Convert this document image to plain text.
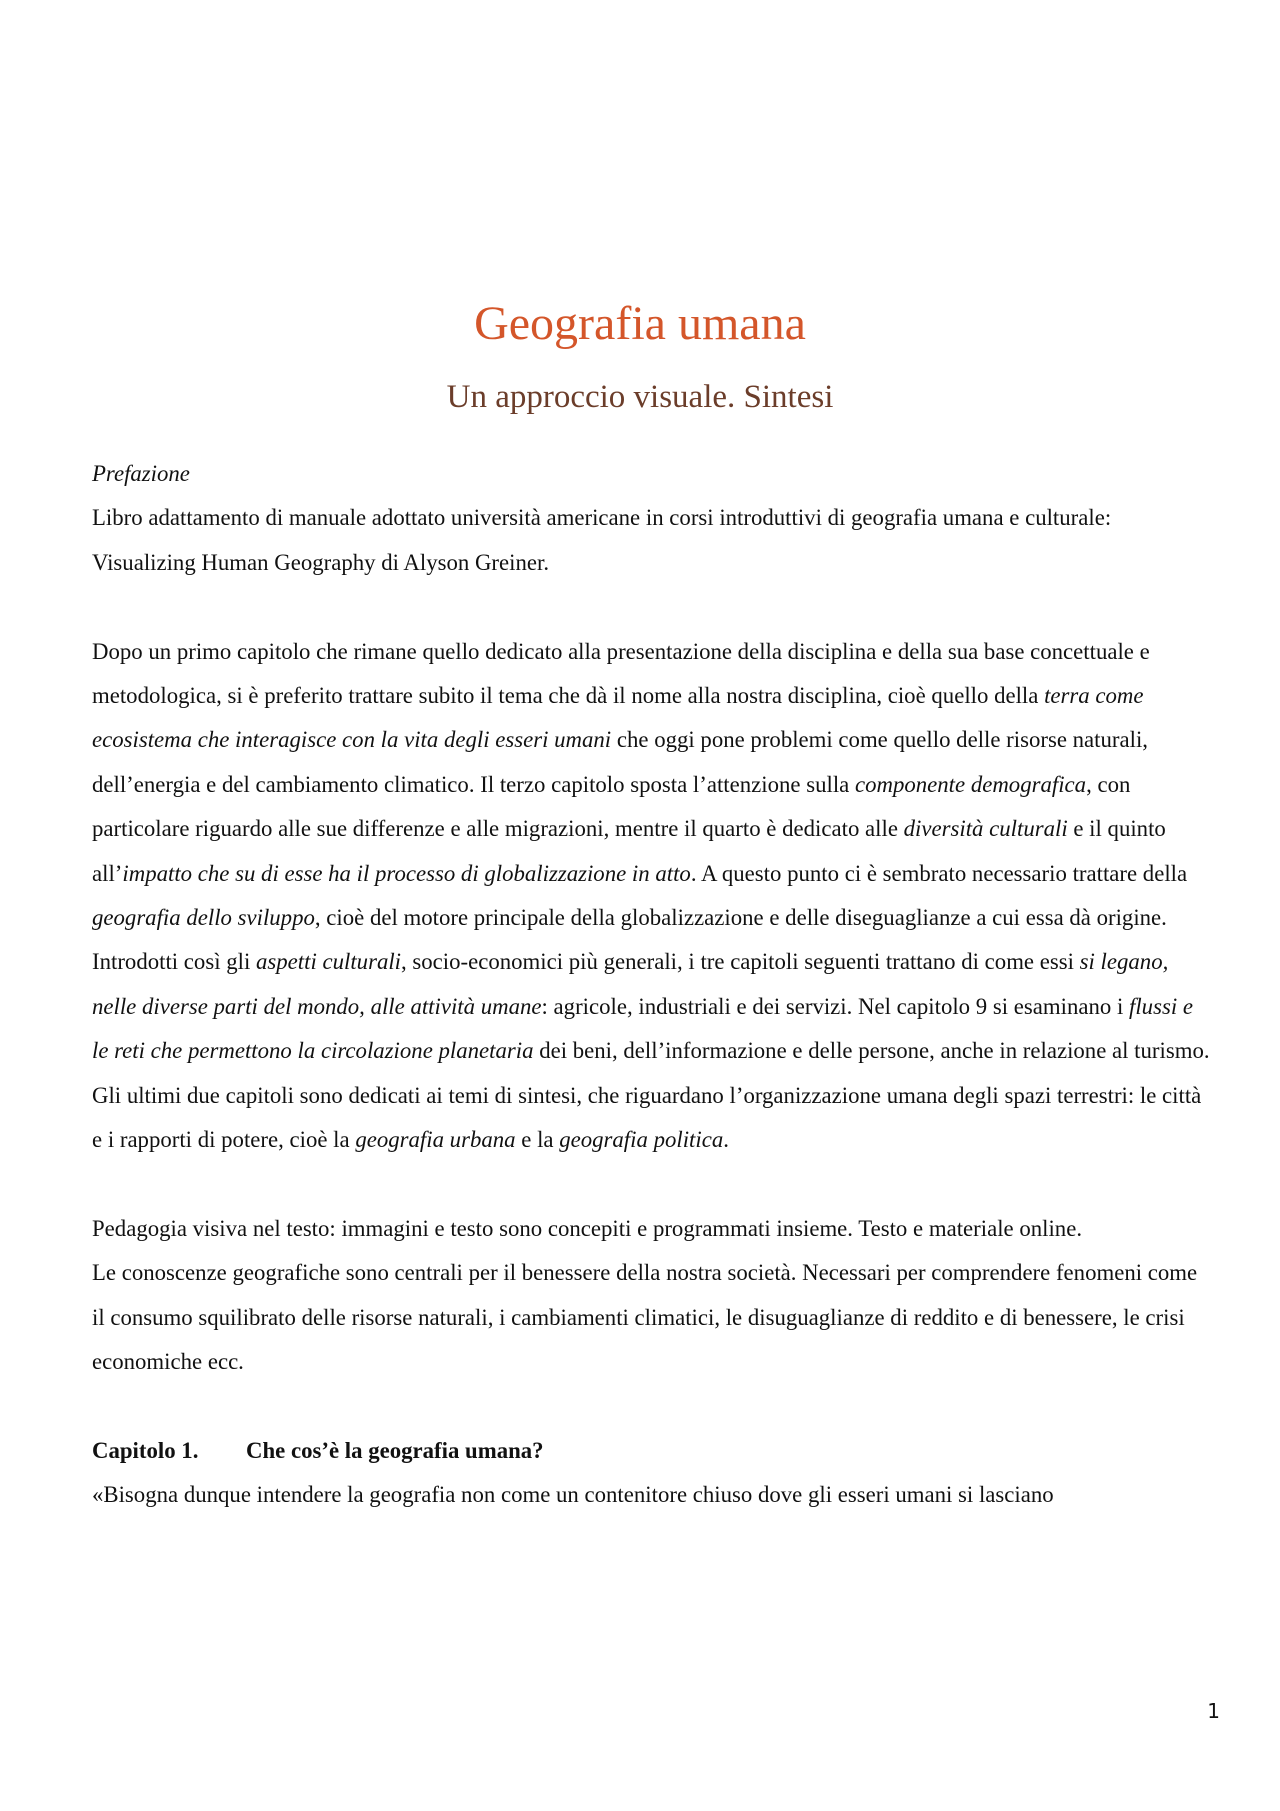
Geografia umana
Un approccio visuale. Sintesi

Prefazione

Libro adattamento di manuale adottato università americane in corsi introduttivi di geografia umana e culturale: Visualizing Human Geography di Alyson Greiner.

Dopo un primo capitolo che rimane quello dedicato alla presentazione della disciplina e della sua base concettuale e metodologica, si è preferito trattare subito il tema che dà il nome alla nostra disciplina, cioè quello della terra come ecosistema che interagisce con la vita degli esseri umani che oggi pone problemi come quello delle risorse naturali, dell’energia e del cambiamento climatico. Il terzo capitolo sposta l’attenzione sulla componente demografica, con particolare riguardo alle sue differenze e alle migrazioni, mentre il quarto è dedicato alle diversità culturali e il quinto all’impatto che su di esse ha il processo di globalizzazione in atto. A questo punto ci è sembrato necessario trattare della geografia dello sviluppo, cioè del motore principale della globalizzazione e delle diseguaglianze a cui essa dà origine. Introdotti così gli aspetti culturali, socio-economici più generali, i tre capitoli seguenti trattano di come essi si legano, nelle diverse parti del mondo, alle attività umane: agricole, industriali e dei servizi. Nel capitolo 9 si esaminano i flussi e le reti che permettono la circolazione planetaria dei beni, dell’informazione e delle persone, anche in relazione al turismo. Gli ultimi due capitoli sono dedicati ai temi di sintesi, che riguardano l’organizzazione umana degli spazi terrestri: le città e i rapporti di potere, cioè la geografia urbana e la geografia politica.

Pedagogia visiva nel testo: immagini e testo sono concepiti e programmati insieme. Testo e materiale online.

Le conoscenze geografiche sono centrali per il benessere della nostra società. Necessari per comprendere fenomeni come il consumo squilibrato delle risorse naturali, i cambiamenti climatici, le disuguaglianze di reddito e di benessere, le crisi economiche ecc.

Capitolo 1. Che cos’è la geografia umana?

«Bisogna dunque intendere la geografia non come un contenitore chiuso dove gli esseri umani si lasciano

1
